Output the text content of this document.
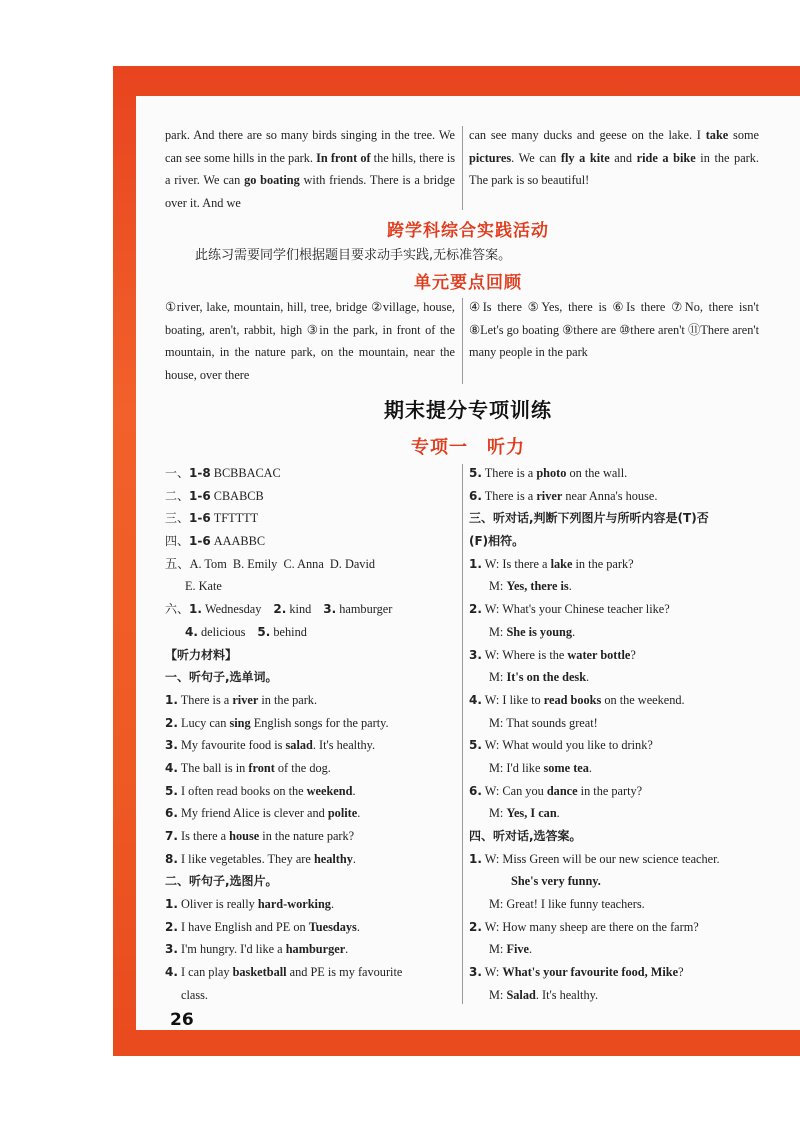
park. And there are so many birds singing in the tree. We can see some hills in the park. In front of the hills, there is a river. We can go boating with friends. There is a bridge over it. And we

can see many ducks and geese on the lake. I take some pictures. We can fly a kite and ride a bike in the park. The park is so beautiful!

跨学科综合实践活动
此练习需要同学们根据题目要求动手实践,无标准答案。
单元要点回顾

①river, lake, mountain, hill, tree, bridge ②village, house, boating, aren't, rabbit, high ③in the park, in front of the mountain, in the nature park, on the mountain, near the house, over there

④Is there ⑤Yes, there is ⑥Is there ⑦No, there isn't ⑧Let's go boating ⑨there are ⑩there aren't ⑪There aren't many people in the park

期末提分专项训练
专项一　听力
一、1-8 BCBBACAC
二、1-6 CBABCB
三、1-6 TFTTTT
四、1-6 AAABBC
五、A. Tom  B. Emily  C. Anna  D. David
E. Kate
六、1. Wednesday 2. kind 3. hamburger
4. delicious 5. behind
【听力材料】
一、听句子,选单词。
1. There is a river in the park.
2. Lucy can sing English songs for the party.
3. My favourite food is salad. It's healthy.
4. The ball is in front of the dog.
5. I often read books on the weekend.
6. My friend Alice is clever and polite.
7. Is there a house in the nature park?
8. I like vegetables. They are healthy.
二、听句子,选图片。
1. Oliver is really hard-working.
2. I have English and PE on Tuesdays.
3. I'm hungry. I'd like a hamburger.
4. I can play basketball and PE is my favourite
class.
5. There is a photo on the wall.
6. There is a river near Anna's house.
三、听对话,判断下列图片与所听内容是(T)否
(F)相符。
1. W: Is there a lake in the park?
M: Yes, there is.
2. W: What's your Chinese teacher like?
M: She is young.
3. W: Where is the water bottle?
M: It's on the desk.
4. W: I like to read books on the weekend.
M: That sounds great!
5. W: What would you like to drink?
M: I'd like some tea.
6. W: Can you dance in the party?
M: Yes, I can.
四、听对话,选答案。
1. W: Miss Green will be our new science teacher.
She's very funny.
M: Great! I like funny teachers.
2. W: How many sheep are there on the farm?
M: Five.
3. W: What's your favourite food, Mike?
M: Salad. It's healthy.
26
